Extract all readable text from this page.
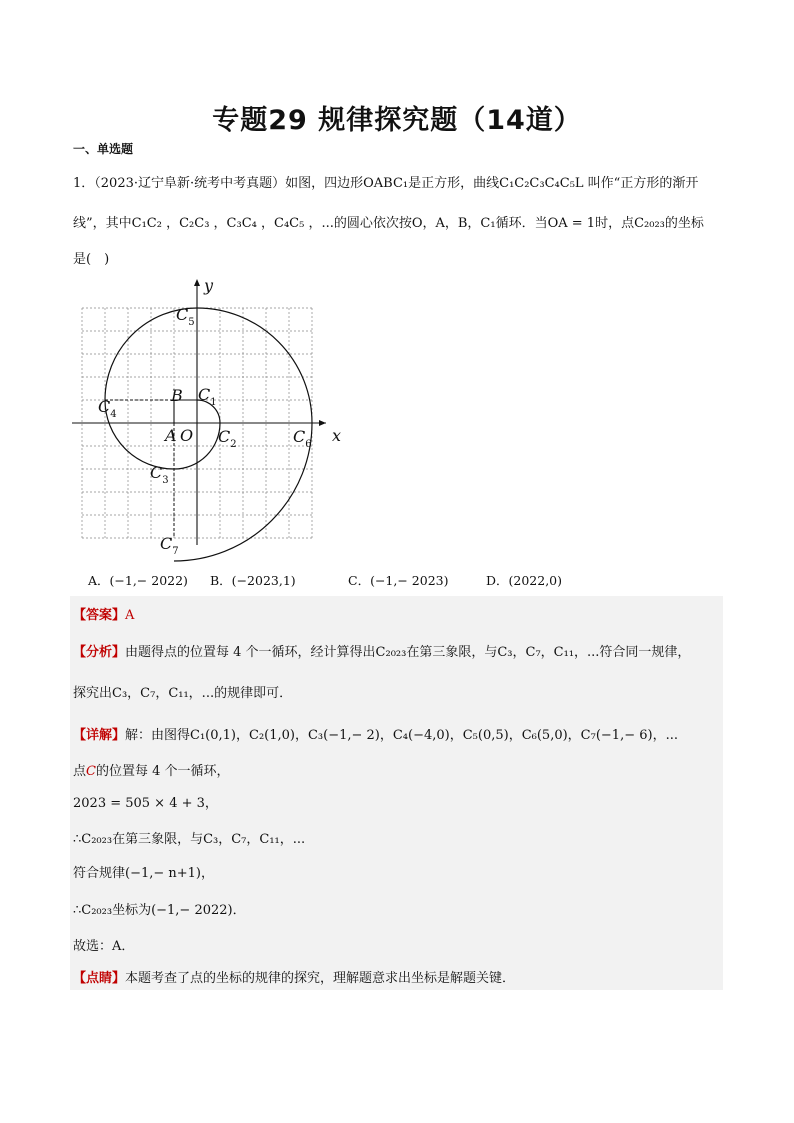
专题29 规律探究题（14道）
一、单选题
1．（2023·辽宁阜新·统考中考真题）如图，四边形OABC₁是正方形，曲线C₁C₂C₃C₄C₅L 叫作“正方形的渐开
线”，其中C₁C₂ ，C₂C₃ ，C₃C₄ ，C₄C₅ ，...的圆心依次按O，A，B，C₁循环．当OA = 1时，点C₂₀₂₃的坐标
是(　)
y
x
O
A
B $C_1$
$C_2$
$C_3$
$C_4$
$C_5$
$C_6$
$C_7$
A．(−1,− 2022) B．(−2023,1)	C．(−1,− 2023)	D．(2022,0)
【答案】A
【分析】由题得点的位置每 4 个一循环，经计算得出C₂₀₂₃在第三象限，与C₃，C₇，C₁₁，...符合同一规律，
探究出C₃，C₇，C₁₁，...的规律即可．
【详解】解：由图得C₁(0,1)，C₂(1,0)，C₃(−1,− 2)，C₄(−4,0)，C₅(0,5)，C₆(5,0)，C₇(−1,− 6)，...
点C的位置每 4 个一循环，
2023 = 505 × 4 + 3，
∴C₂₀₂₃在第三象限，与C₃，C₇，C₁₁，...
符合规律(−1,− n+1)，
∴C₂₀₂₃坐标为(−1,− 2022)．
故选：A．
【点睛】本题考查了点的坐标的规律的探究，理解题意求出坐标是解题关键．
